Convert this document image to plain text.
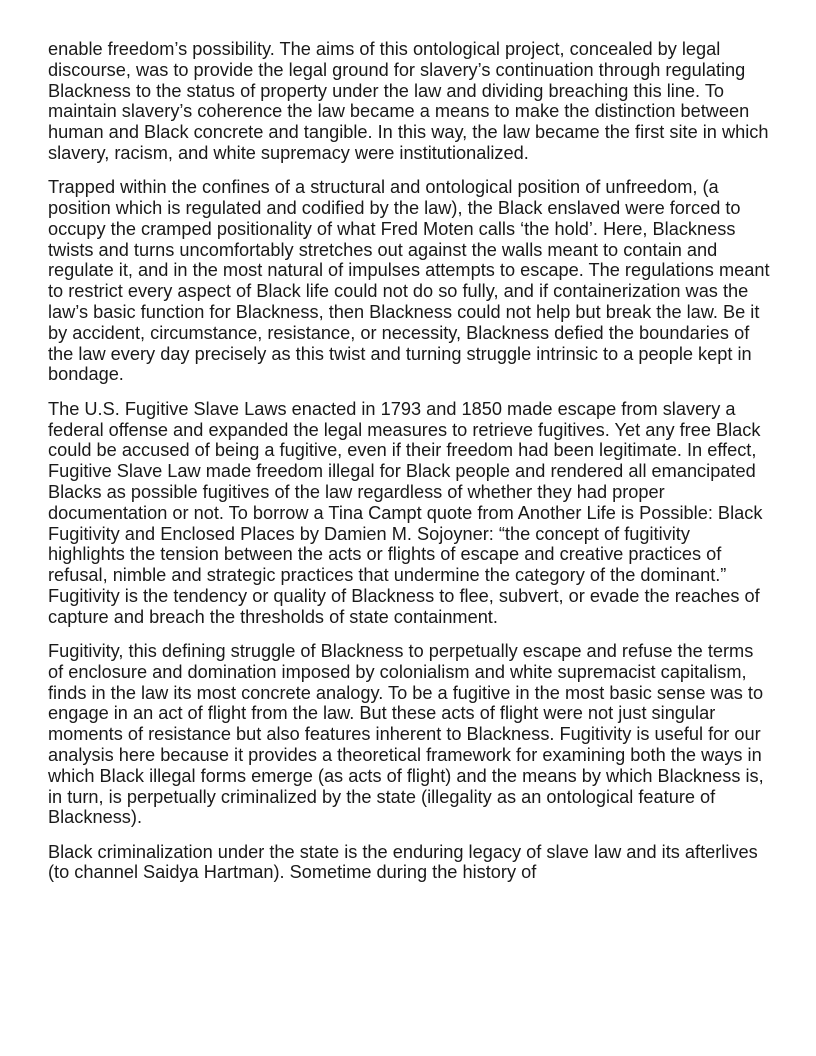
enable freedom’s possibility. The aims of this ontological project, concealed by legal discourse, was to provide the legal ground for slavery’s continuation through regulating Blackness to the status of property under the law and dividing breaching this line. To maintain slavery’s coherence the law became a means to make the distinction between human and Black concrete and tangible. In this way, the law became the first site in which slavery, racism, and white supremacy were institutionalized.

Trapped within the confines of a structural and ontological position of unfreedom, (a position which is regulated and codified by the law), the Black enslaved were forced to occupy the cramped positionality of what Fred Moten calls ‘the hold’. Here, Blackness twists and turns uncomfortably stretches out against the walls meant to contain and regulate it, and in the most natural of impulses attempts to escape. The regulations meant to restrict every aspect of Black life could not do so fully, and if containerization was the law’s basic function for Blackness, then Blackness could not help but break the law. Be it by accident, circumstance, resistance, or necessity, Blackness defied the boundaries of the law every day precisely as this twist and turning struggle intrinsic to a people kept in bondage.

The U.S. Fugitive Slave Laws enacted in 1793 and 1850 made escape from slavery a federal offense and expanded the legal measures to retrieve fugitives. Yet any free Black could be accused of being a fugitive, even if their freedom had been legitimate. In effect, Fugitive Slave Law made freedom illegal for Black people and rendered all emancipated Blacks as possible fugitives of the law regardless of whether they had proper documentation or not. To borrow a Tina Campt quote from Another Life is Possible: Black Fugitivity and Enclosed Places by Damien M. Sojoyner: “the concept of fugitivity highlights the tension between the acts or flights of escape and creative practices of refusal, nimble and strategic practices that undermine the category of the dominant.” Fugitivity is the tendency or quality of Blackness to flee, subvert, or evade the reaches of capture and breach the thresholds of state containment.

Fugitivity, this defining struggle of Blackness to perpetually escape and refuse the terms of enclosure and domination imposed by colonialism and white supremacist capitalism, finds in the law its most concrete analogy. To be a fugitive in the most basic sense was to engage in an act of flight from the law. But these acts of flight were not just singular moments of resistance but also features inherent to Blackness. Fugitivity is useful for our analysis here because it provides a theoretical framework for examining both the ways in which Black illegal forms emerge (as acts of flight) and the means by which Blackness is, in turn, is perpetually criminalized by the state (illegality as an ontological feature of Blackness).

Black criminalization under the state is the enduring legacy of slave law and its afterlives (to channel Saidya Hartman). Sometime during the history of
